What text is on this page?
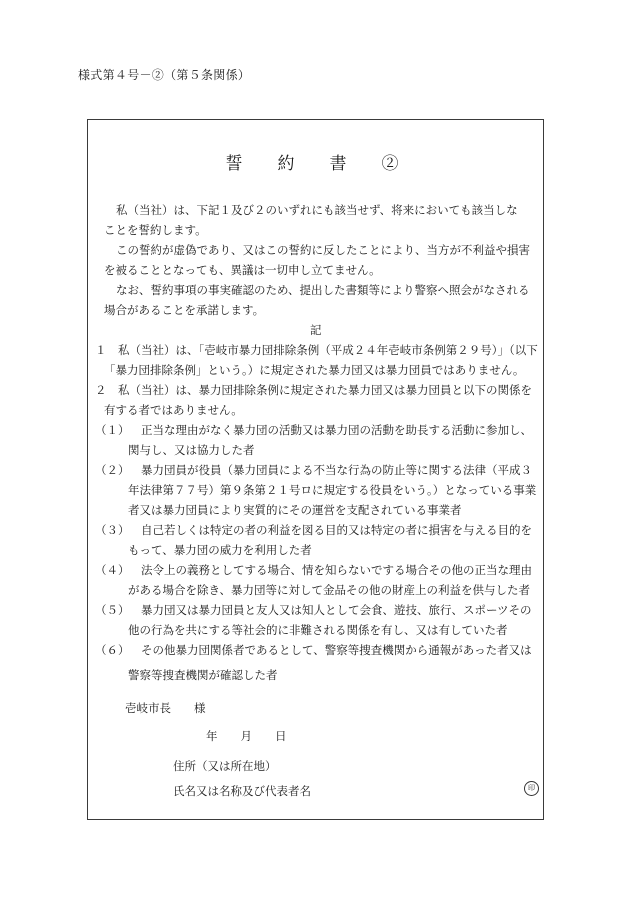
様式第４号－②（第５条関係）
誓　約　書　②
私（当社）は、下記１及び２のいずれにも該当せず、将来においても該当しな
ことを誓約します。
この誓約が虚偽であり、又はこの誓約に反したことにより、当方が不利益や損害
を被ることとなっても、異議は一切申し立てません。
なお、誓約事項の事実確認のため、提出した書類等により警察へ照会がなされる
場合があることを承諾します。
記
１　私（当社）は、「壱岐市暴力団排除条例（平成２４年壱岐市条例第２９号）」（以下
「暴力団排除条例」という。）に規定された暴力団又は暴力団員ではありません。
２　私（当社）は、暴力団排除条例に規定された暴力団又は暴力団員と以下の関係を
有する者ではありません。
（１） 正当な理由がなく暴力団の活動又は暴力団の活動を助長する活動に参加し、
関与し、又は協力した者
（２） 暴力団員が役員（暴力団員による不当な行為の防止等に関する法律（平成３
年法律第７７号）第９条第２１号ロに規定する役員をいう。）となっている事業
者又は暴力団員により実質的にその運営を支配されている事業者
（３） 自己若しくは特定の者の利益を図る目的又は特定の者に損害を与える目的を
もって、暴力団の威力を利用した者
（４） 法令上の義務としてする場合、情を知らないでする場合その他の正当な理由
がある場合を除き、暴力団等に対して金品その他の財産上の利益を供与した者
（５） 暴力団又は暴力団員と友人又は知人として会食、遊技、旅行、スポーツその
他の行為を共にする等社会的に非難される関係を有し、又は有していた者
（６） その他暴力団関係者であるとして、警察等捜査機関から通報があった者又は
警察等捜査機関が確認した者
壱岐市長　　様
年　　月　　日
住所（又は所在地）
氏名又は名称及び代表者名	印
